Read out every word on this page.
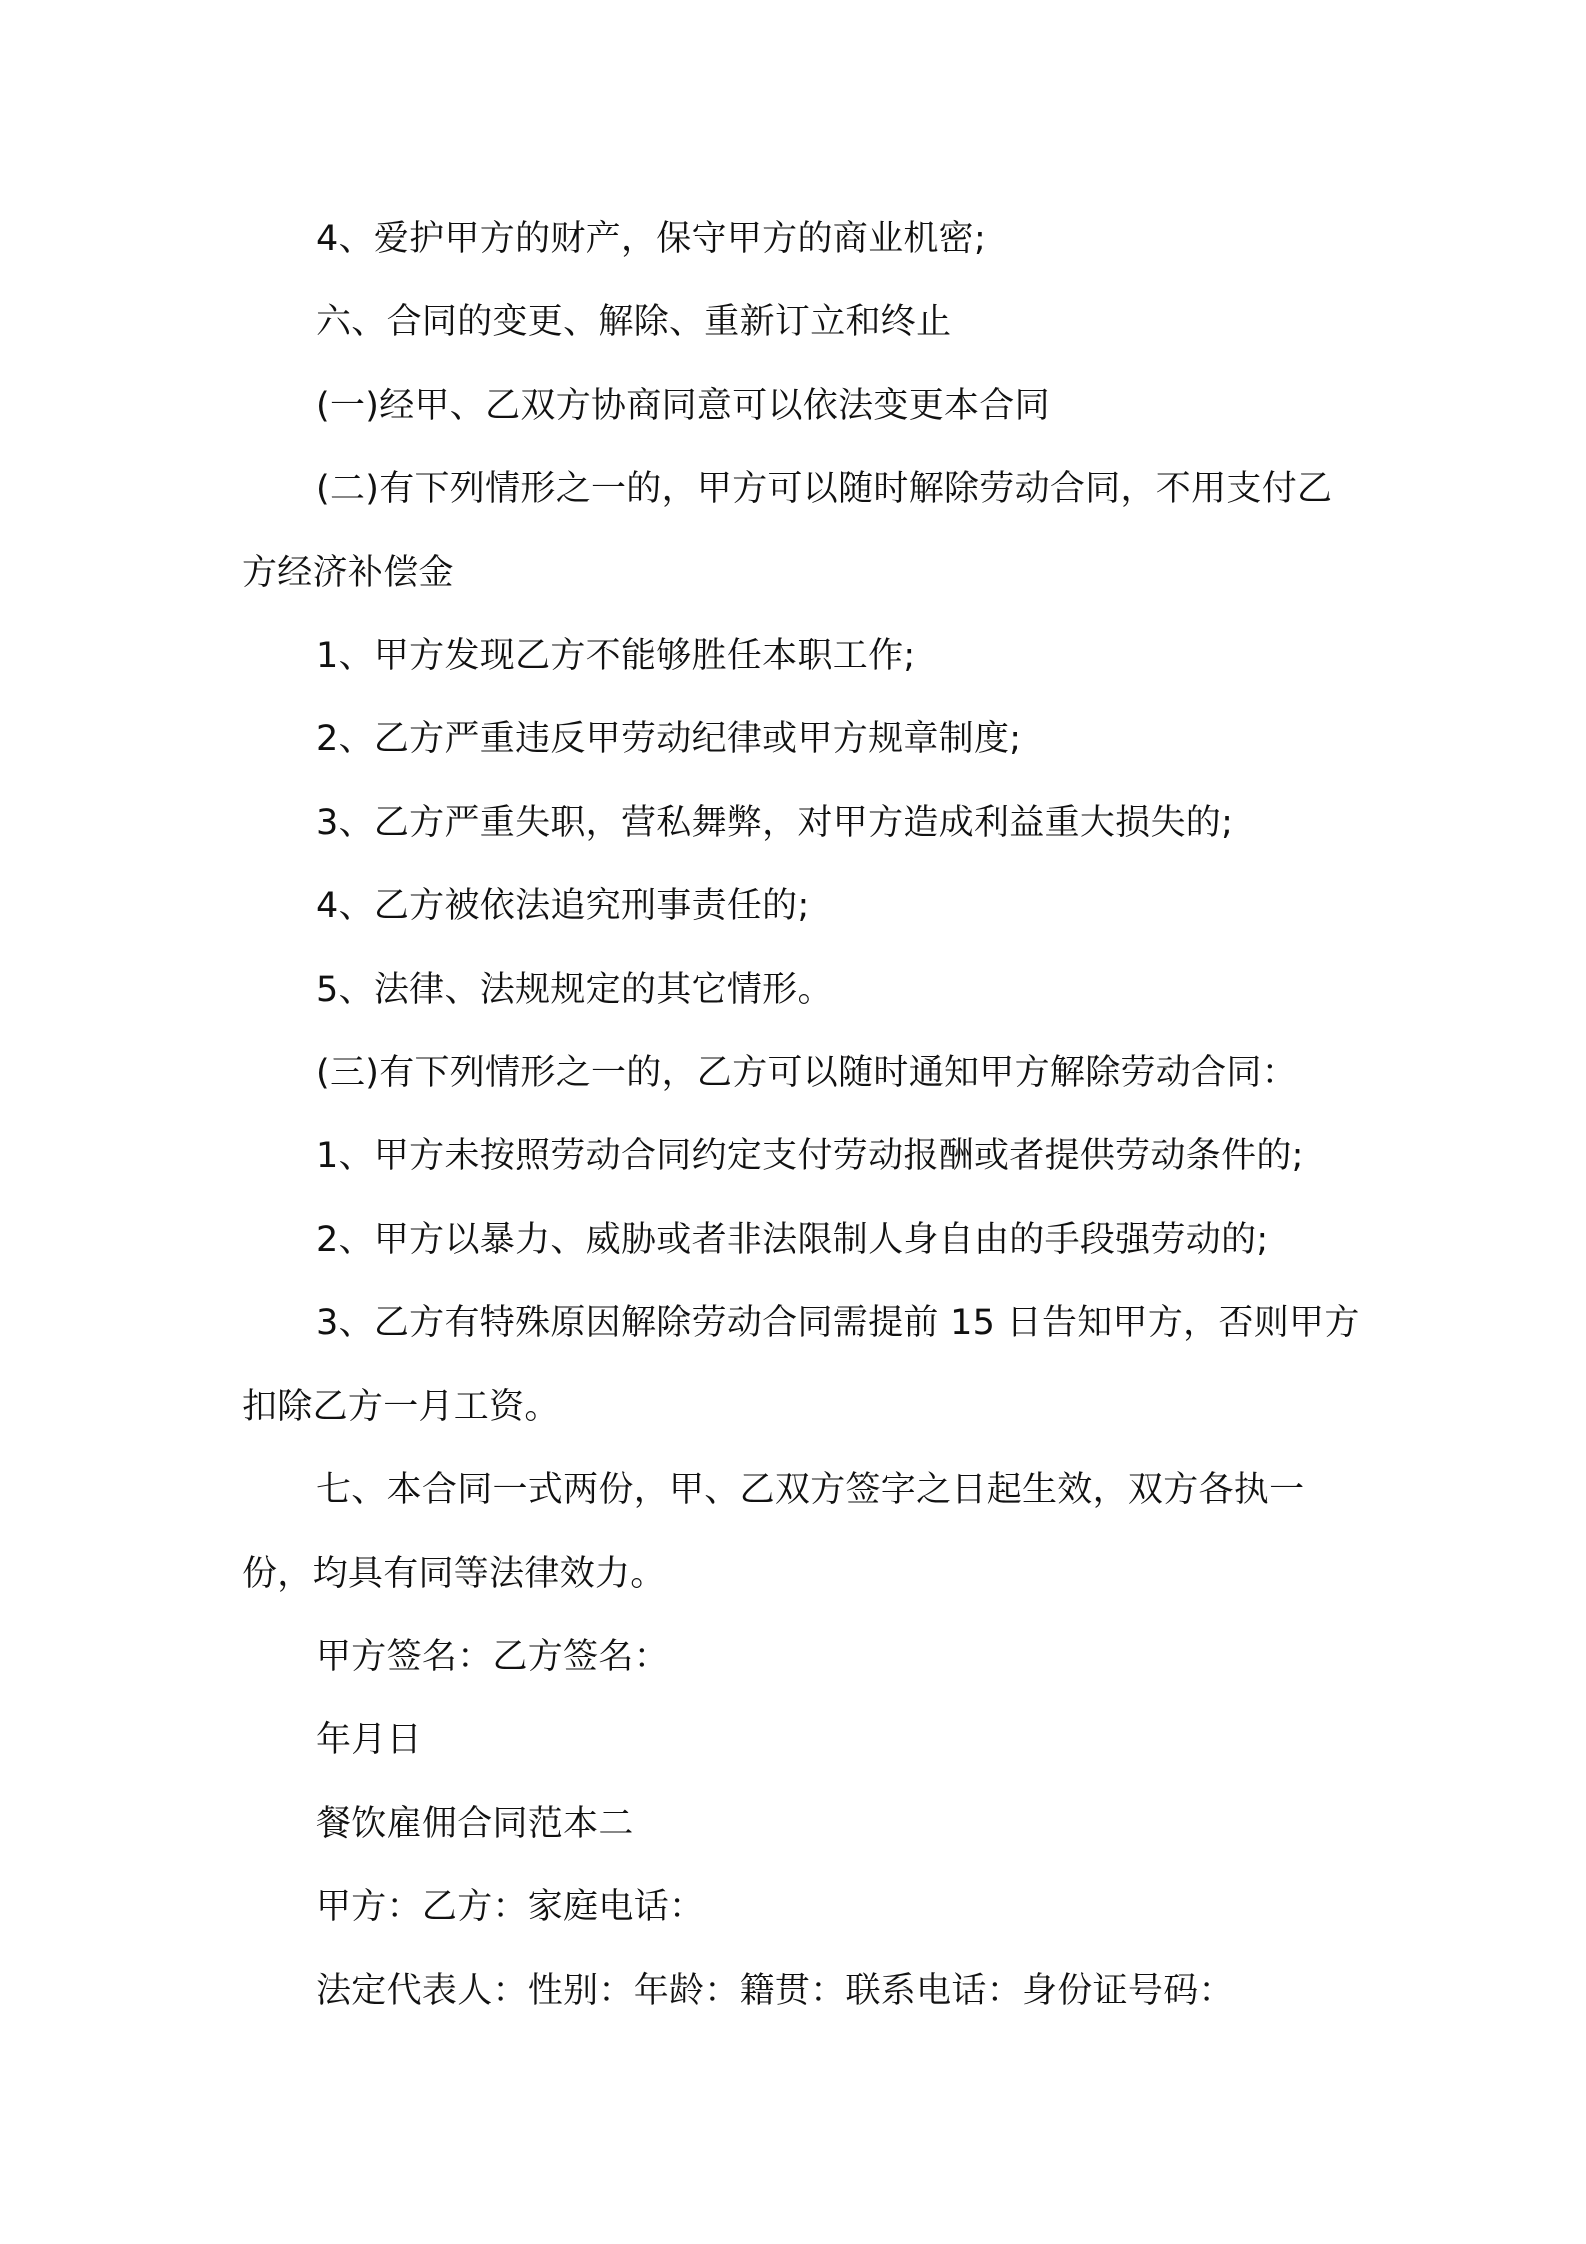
4、爱护甲方的财产，保守甲方的商业机密;

六、合同的变更、解除、重新订立和终止

(一)经甲、乙双方协商同意可以依法变更本合同

(二)有下列情形之一的，甲方可以随时解除劳动合同，不用支付乙方经济补偿金

1、甲方发现乙方不能够胜任本职工作;

2、乙方严重违反甲劳动纪律或甲方规章制度;

3、乙方严重失职，营私舞弊，对甲方造成利益重大损失的;

4、乙方被依法追究刑事责任的;

5、法律、法规规定的其它情形。

(三)有下列情形之一的，乙方可以随时通知甲方解除劳动合同：

1、甲方未按照劳动合同约定支付劳动报酬或者提供劳动条件的;

2、甲方以暴力、威胁或者非法限制人身自由的手段强劳动的;

3、乙方有特殊原因解除劳动合同需提前 15 日告知甲方，否则甲方扣除乙方一月工资。

七、本合同一式两份，甲、乙双方签字之日起生效，双方各执一份，均具有同等法律效力。

甲方签名：乙方签名：

年月日

餐饮雇佣合同范本二

甲方：乙方：家庭电话：

法定代表人：性别：年龄：籍贯：联系电话：身份证号码：
